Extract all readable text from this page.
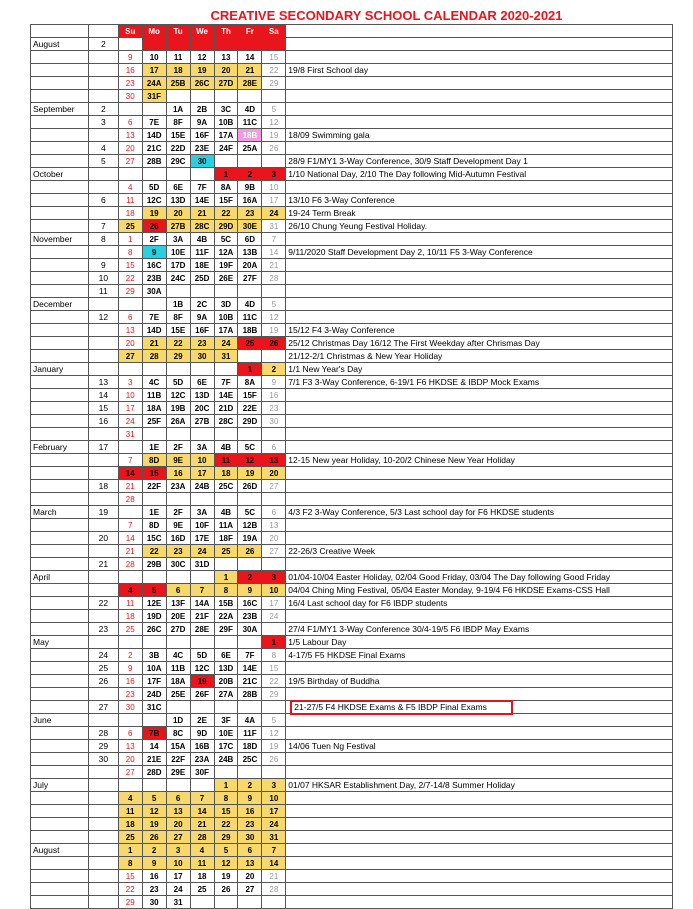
CREATIVE SECONDARY SCHOOL CALENDAR 2020-2021
		Su	Mo	Tu	We	Th	Fr	Sa	
August	2								
		9	10	11	12	13	14	15	
		16	17	18	19	20	21	22	19/8 First School day
		23	24A	25B	26C	27D	28E	29	
		30	31F						
September	2			1A	2B	3C	4D	5	
	3	6	7E	8F	9A	10B	11C	12	
		13	14D	15E	16F	17A	18B	19	18/09 Swimming gala
	4	20	21C	22D	23E	24F	25A	26	
	5	27	28B	29C	30				28/9 F1/MY1 3-Way Conference, 30/9 Staff Development Day 1
October						1	2	3	1/10 National Day, 2/10 The Day following Mid-Autumn Festival
		4	5D	6E	7F	8A	9B	10	
	6	11	12C	13D	14E	15F	16A	17	13/10 F6 3-Way Conference
		18	19	20	21	22	23	24	19-24 Term Break
	7	25	26	27B	28C	29D	30E	31	26/10 Chung Yeung Festival Holiday.
November	8	1	2F	3A	4B	5C	6D	7	
		8	9	10E	11F	12A	13B	14	9/11/2020 Staff Development Day 2, 10/11 F5 3-Way Conference
	9	15	16C	17D	18E	19F	20A	21	
	10	22	23B	24C	25D	26E	27F	28	
	11	29	30A						
December				1B	2C	3D	4D	5	
	12	6	7E	8F	9A	10B	11C	12	
		13	14D	15E	16F	17A	18B	19	15/12 F4 3-Way Conference
		20	21	22	23	24	25	26	25/12 Christmas Day 16/12 The First Weekday after Chrismas Day
		27	28	29	30	31			21/12-2/1 Christmas & New Year Holiday
January							1	2	1/1 New Year's Day
	13	3	4C	5D	6E	7F	8A	9	7/1 F3 3-Way Conference, 6-19/1 F6 HKDSE & IBDP Mock Exams
	14	10	11B	12C	13D	14E	15F	16	
	15	17	18A	19B	20C	21D	22E	23	
	16	24	25F	26A	27B	28C	29D	30	
		31							
February	17		1E	2F	3A	4B	5C	6	
		7	8D	9E	10	11	12	13	12-15 New year Holiday, 10-20/2 Chinese New Year Holiday
		14	15	16	17	18	19	20	
	18	21	22F	23A	24B	25C	26D	27	
		28							
March	19		1E	2F	3A	4B	5C	6	4/3 F2 3-Way Conference, 5/3 Last school day for F6 HKDSE students
		7	8D	9E	10F	11A	12B	13	
	20	14	15C	16D	17E	18F	19A	20	
		21	22	23	24	25	26	27	22-26/3 Creative Week
	21	28	29B	30C	31D				
April						1	2	3	01/04-10/04 Easter Holiday, 02/04 Good Friday, 03/04 The Day following Good Friday
		4	5	6	7	8	9	10	04/04 Ching Ming Festival, 05/04 Easter Monday, 9-19/4 F6 HKDSE Exams-CSS Hall
	22	11	12E	13F	14A	15B	16C	17	16/4 Last school day for F6 IBDP students
		18	19D	20E	21F	22A	23B	24	
	23	25	26C	27D	28E	29F	30A		27/4 F1/MY1 3-Way Conference 30/4-19/5 F6 IBDP May Exams
May								1	1/5 Labour Day
	24	2	3B	4C	5D	6E	7F	8	4-17/5 F5 HKDSE Final Exams
	25	9	10A	11B	12C	13D	14E	15	
	26	16	17F	18A	19	20B	21C	22	19/5 Birthday of Buddha
		23	24D	25E	26F	27A	28B	29	
	27	30	31C						21-27/5 F4 HKDSE Exams & F5 IBDP Final Exams
June				1D	2E	3F	4A	5	
	28	6	7B	8C	9D	10E	11F	12	
	29	13	14	15A	16B	17C	18D	19	14/06 Tuen Ng Festival
	30	20	21E	22F	23A	24B	25C	26	
		27	28D	29E	30F				
July						1	2	3	01/07 HKSAR Establishment Day, 2/7-14/8 Summer Holiday
		4	5	6	7	8	9	10	
		11	12	13	14	15	16	17	
		18	19	20	21	22	23	24	
		25	26	27	28	29	30	31	
August		1	2	3	4	5	6	7	
		8	9	10	11	12	13	14	
		15	16	17	18	19	20	21	
		22	23	24	25	26	27	28	
		29	30	31					
